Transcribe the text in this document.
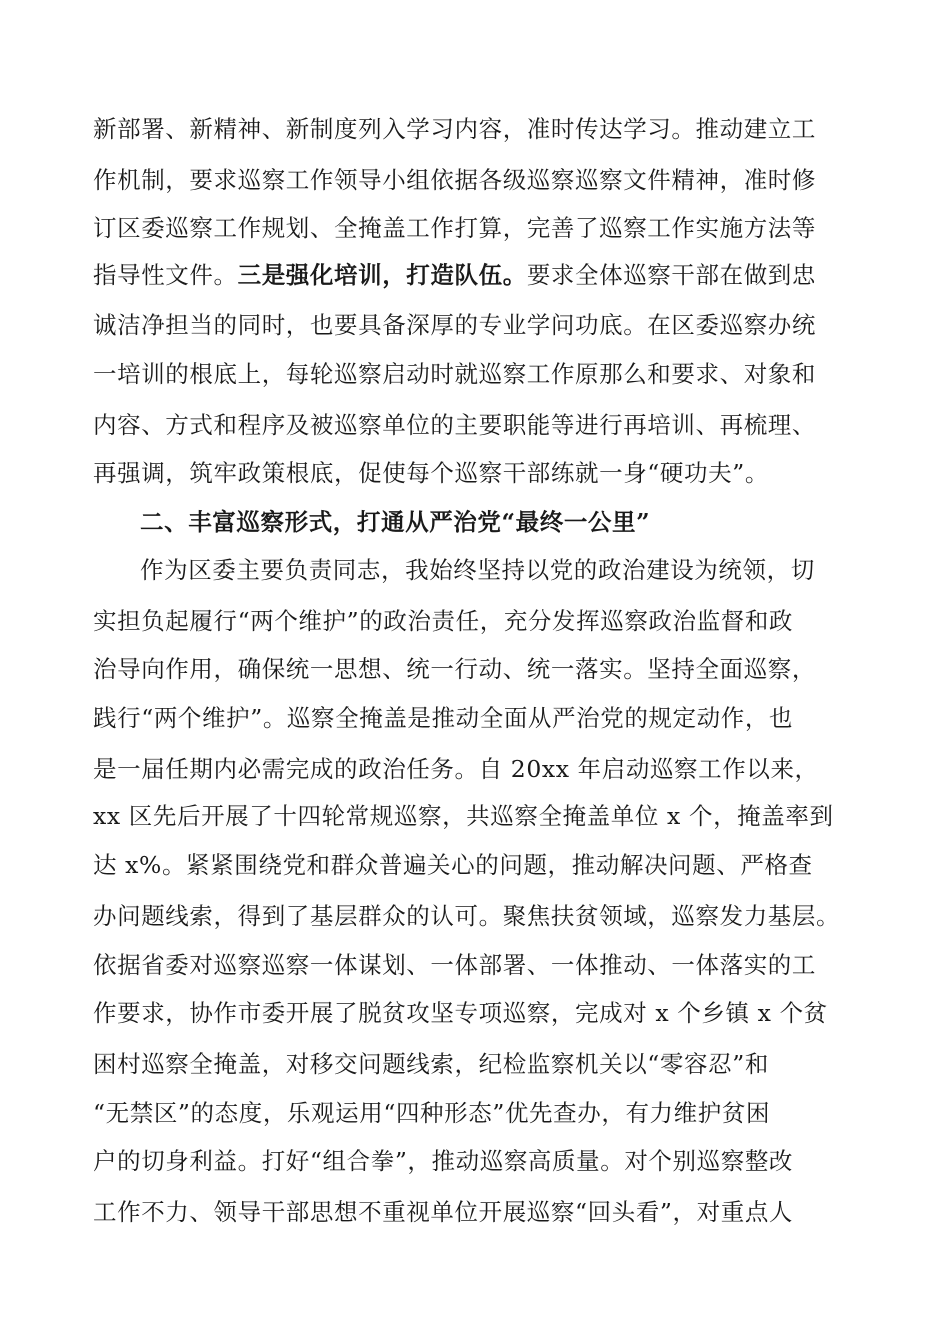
新部署、新精神、新制度列入学习内容，准时传达学习。推动建立工
作机制，要求巡察工作领导小组依据各级巡察巡察文件精神，准时修
订区委巡察工作规划、全掩盖工作打算，完善了巡察工作实施方法等
指导性文件。三是强化培训，打造队伍。要求全体巡察干部在做到忠
诚洁净担当的同时，也要具备深厚的专业学问功底。在区委巡察办统
一培训的根底上，每轮巡察启动时就巡察工作原那么和要求、对象和
内容、方式和程序及被巡察单位的主要职能等进行再培训、再梳理、
再强调，筑牢政策根底，促使每个巡察干部练就一身“硬功夫”。
二、丰富巡察形式，打通从严治党“最终一公里”
作为区委主要负责同志，我始终坚持以党的政治建设为统领，切
实担负起履行“两个维护”的政治责任，充分发挥巡察政治监督和政
治导向作用，确保统一思想、统一行动、统一落实。坚持全面巡察，
践行“两个维护”。巡察全掩盖是推动全面从严治党的规定动作，也
是一届任期内必需完成的政治任务。自 20xx 年启动巡察工作以来，
xx 区先后开展了十四轮常规巡察，共巡察全掩盖单位 x 个，掩盖率到
达 x%。紧紧围绕党和群众普遍关心的问题，推动解决问题、严格查
办问题线索，得到了基层群众的认可。聚焦扶贫领域，巡察发力基层。
依据省委对巡察巡察一体谋划、一体部署、一体推动、一体落实的工
作要求，协作市委开展了脱贫攻坚专项巡察，完成对 x 个乡镇 x 个贫
困村巡察全掩盖，对移交问题线索，纪检监察机关以“零容忍”和
“无禁区”的态度，乐观运用“四种形态”优先查办，有力维护贫困
户的切身利益。打好“组合拳”，推动巡察高质量。对个别巡察整改
工作不力、领导干部思想不重视单位开展巡察“回头看”，对重点人
